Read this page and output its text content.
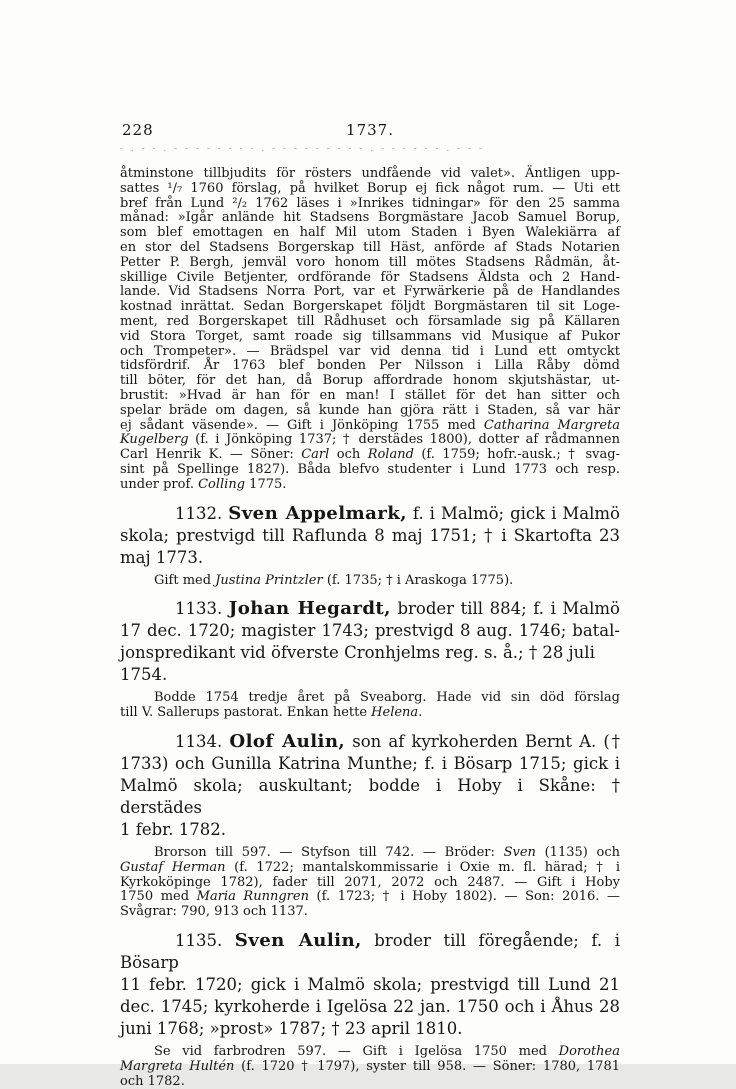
228	1737.
- . - - . - - - - - - - - . - - - - - - - - - . - - - - - - . - - -
åtminstone tillbjudits för rösters undfående vid valet». Äntligen upp-
sattes ¹/₇ 1760 förslag, på hvilket Borup ej fick något rum. — Uti ett
bref från Lund ²/₂ 1762 läses i »Inrikes tidningar» för den 25 samma
månad: »Igår anlände hit Stadsens Borgmästare Jacob Samuel Borup,
som blef emottagen en half Mil utom Staden i Byen Walekiärra af
en stor del Stadsens Borgerskap till Häst, anförde af Stads Notarien
Petter P. Bergh, jemväl voro honom till mötes Stadsens Rådmän, åt-
skillige Civile Betjenter, ordförande för Stadsens Äldsta och 2 Hand-
lande. Vid Stadsens Norra Port, var et Fyrwärkerie på de Handlandes
kostnad inrättat. Sedan Borgerskapet följdt Borgmästaren til sit Loge-
ment, red Borgerskapet till Rådhuset och församlade sig på Källaren
vid Stora Torget, samt roade sig tillsammans vid Musique af Pukor
och Trompeter». — Brädspel var vid denna tid i Lund ett omtyckt
tidsfördrif. År 1763 blef bonden Per Nilsson i Lilla Råby dömd
till böter, för det han, då Borup affordrade honom skjutshästar, ut-
brustit: »Hvad är han för en man! I stället för det han sitter och
spelar bräde om dagen, så kunde han gjöra rätt i Staden, så var här
ej sådant väsende». — Gift i Jönköping 1755 med Catharina Margreta
Kugelberg (f. i Jönköping 1737; † derstädes 1800), dotter af rådmannen
Carl Henrik K. — Söner: Carl och Roland (f. 1759; hofr.-ausk.; † svag-
sint på Spellinge 1827). Båda blefvo studenter i Lund 1773 och resp.
under prof. Colling 1775.
1132. Sven Appelmark, f. i Malmö; gick i Malmö
skola; prestvigd till Raflunda 8 maj 1751; † i Skartofta 23
maj 1773.
Gift med Justina Printzler (f. 1735; † i Araskoga 1775).
1133. Johan Hegardt, broder till 884; f. i Malmö
17 dec. 1720; magister 1743; prestvigd 8 aug. 1746; batal-
jonspredikant vid öfverste Cronhjelms reg. s. å.; † 28 juli 1754.
Bodde 1754 tredje året på Sveaborg. Hade vid sin död förslag
till V. Sallerups pastorat. Enkan hette Helena.
1134. Olof Aulin, son af kyrkoherden Bernt A. (†
1733) och Gunilla Katrina Munthe; f. i Bösarp 1715; gick i
Malmö skola; auskultant; bodde i Hoby i Skåne: † derstädes
1 febr. 1782.
Brorson till 597. — Styfson till 742. — Bröder: Sven (1135) och
Gustaf Herman (f. 1722; mantalskommissarie i Oxie m. fl. härad; † i
Kyrkoköpinge 1782), fader till 2071, 2072 och 2487. — Gift i Hoby
1750 med Maria Runngren (f. 1723; † i Hoby 1802). — Son: 2016. —
Svågrar: 790, 913 och 1137.
1135. Sven Aulin, broder till föregående; f. i Bösarp
11 febr. 1720; gick i Malmö skola; prestvigd till Lund 21
dec. 1745; kyrkoherde i Igelösa 22 jan. 1750 och i Åhus 28
juni 1768; »prost» 1787; † 23 april 1810.
Se vid farbrodren 597. — Gift i Igelösa 1750 med Dorothea
Margreta Hultén (f. 1720 † 1797), syster till 958. — Söner: 1780, 1781
och 1782.
